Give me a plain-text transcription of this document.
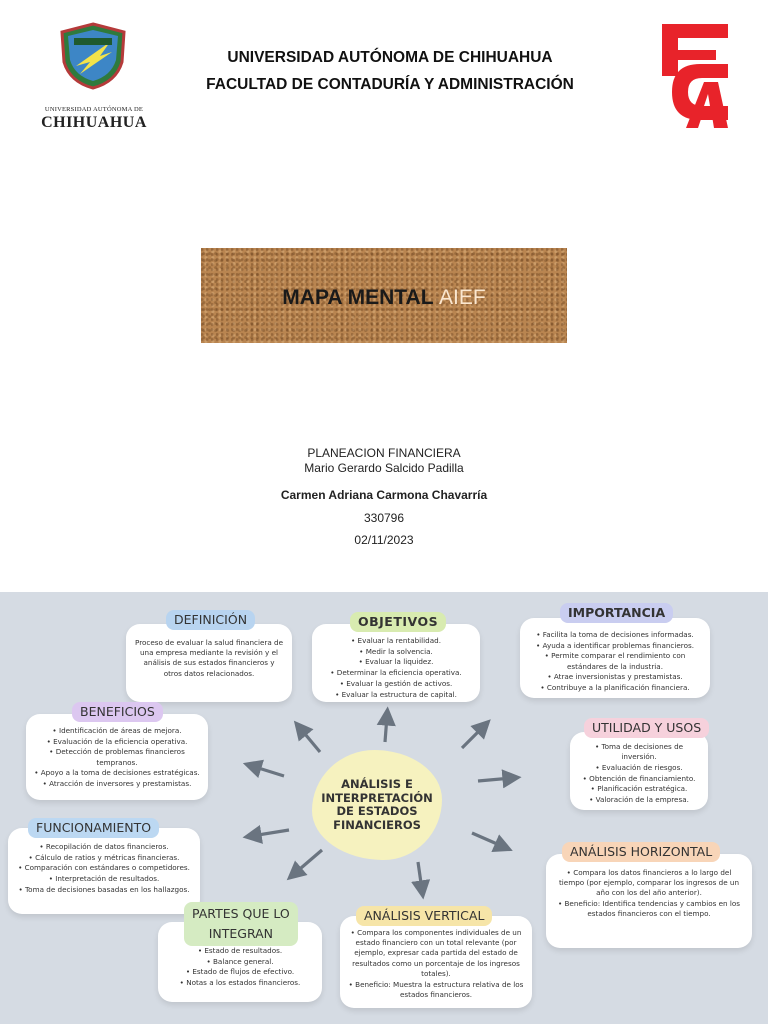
UNIVERSIDAD AUTÓNOMA DE
CHIHUAHUA
UNIVERSIDAD AUTÓNOMA DE CHIHUAHUA
FACULTAD DE CONTADURÍA Y ADMINISTRACIÓN
MAPA MENTAL AIEF
PLANEACION FINANCIERA
Mario Gerardo Salcido Padilla
Carmen Adriana Carmona Chavarría
330796
02/11/2023
ANÁLISIS E
INTERPRETACIÓN
DE ESTADOS
FINANCIEROS
Proceso de evaluar la salud financiera de una empresa mediante la revisión y el análisis de sus estados financieros y otros datos relacionados.
DEFINICIÓN
• Evaluar la rentabilidad.
• Medir la solvencia.
• Evaluar la liquidez.
• Determinar la eficiencia operativa.
• Evaluar la gestión de activos.
• Evaluar la estructura de capital.
OBJETIVOS
• Facilita la toma de decisiones informadas.
• Ayuda a identificar problemas financieros.
• Permite comparar el rendimiento con estándares de la industria.
• Atrae inversionistas y prestamistas.
• Contribuye a la planificación financiera.
IMPORTANCIA
• Identificación de áreas de mejora.
• Evaluación de la eficiencia operativa.
• Detección de problemas financieros tempranos.
• Apoyo a la toma de decisiones estratégicas.
• Atracción de inversores y prestamistas.
BENEFICIOS
• Toma de decisiones de inversión.
• Evaluación de riesgos.
• Obtención de financiamiento.
• Planificación estratégica.
• Valoración de la empresa.
UTILIDAD Y USOS
• Recopilación de datos financieros.
• Cálculo de ratios y métricas financieras.
• Comparación con estándares o competidores.
• Interpretación de resultados.
• Toma de decisiones basadas en los hallazgos.
FUNCIONAMIENTO
• Compara los datos financieros a lo largo del tiempo (por ejemplo, comparar los ingresos de un año con los del año anterior).
• Beneficio: Identifica tendencias y cambios en los estados financieros con el tiempo.
ANÁLISIS HORIZONTAL
• Estado de resultados.
• Balance general.
• Estado de flujos de efectivo.
• Notas a los estados financieros.
PARTES QUE LO
INTEGRAN
•	Compara los componentes individuales de un estado financiero con un total relevante (por ejemplo, expresar cada partida del estado de resultados como un porcentaje de los ingresos totales).
• Beneficio: Muestra la estructura relativa de los estados financieros.
ANÁLISIS VERTICAL
